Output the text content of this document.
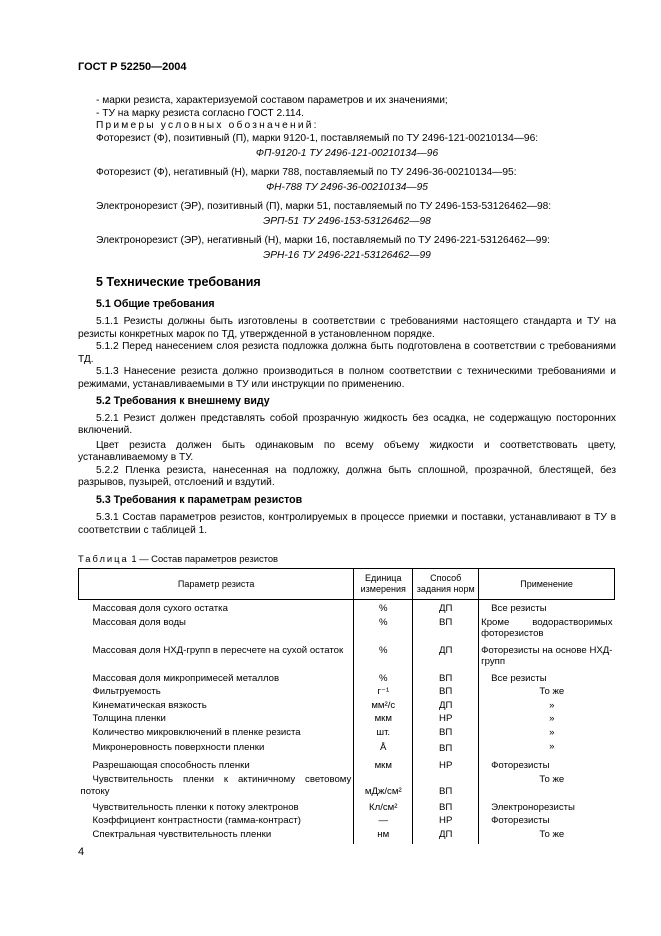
ГОСТ Р 52250—2004

- марки резиста, характеризуемой составом параметров и их значениями;

- ТУ на марку резиста согласно ГОСТ 2.114.

Примеры условных обозначений:

Фоторезист (Ф), позитивный (П), марки 9120-1, поставляемый по ТУ 2496-121-00210134—96:

ФП-9120-1 ТУ 2496-121-00210134—96

Фоторезист (Ф), негативный (Н), марки 788, поставляемый по ТУ 2496-36-00210134—95:

ФН-788 ТУ 2496-36-00210134—95

Электронорезист (ЭР), позитивный (П), марки 51, поставляемый по ТУ 2496-153-53126462—98:

ЭРП-51 ТУ 2496-153-53126462—98

Электронорезист (ЭР), негативный (Н), марки 16, поставляемый по ТУ 2496-221-53126462—99:

ЭРН-16 ТУ 2496-221-53126462—99

5 Технические требования

5.1 Общие требования

5.1.1 Резисты должны быть изготовлены в соответствии с требованиями настоящего стандарта и ТУ на резисты конкретных марок по ТД, утвержденной в установленном порядке.

5.1.2 Перед нанесением слоя резиста подложка должна быть подготовлена в соответствии с требованиями ТД.

5.1.3 Нанесение резиста должно производиться в полном соответствии с техническими требованиями и режимами, устанавливаемыми в ТУ или инструкции по применению.

5.2 Требования к внешнему виду

5.2.1 Резист должен представлять собой прозрачную жидкость без осадка, не содержащую посторонних включений.

Цвет резиста должен быть одинаковым по всему объему жидкости и соответствовать цвету, устанавливаемому в ТУ.

5.2.2 Пленка резиста, нанесенная на подложку, должна быть сплошной, прозрачной, блестящей, без разрывов, пузырей, отслоений и вздутий.

5.3 Требования к параметрам резистов

5.3.1 Состав параметров резистов, контролируемых в процессе приемки и поставки, устанавливают в ТУ в соответствии с таблицей 1.

Таблица 1 — Состав параметров резистов
Параметр резиста	Единица измерения	Способ задания норм	Применение
Массовая доля сухого остатка	%	ДП	Все резисты
Массовая доля воды	%	ВП	Кроме водорастворимых фоторезистов
Массовая доля НХД-групп в пересчете на сухой остаток	%	ДП	Фоторезисты на основе НХД-групп
Массовая доля микропримесей металлов	%	ВП	Все резисты
Фильтруемость	г⁻¹	ВП	То же
Кинематическая вязкость	мм²/с	ДП	»
Толщина пленки	мкм	НР	»
Количество микровключений в пленке резиста	шт.	ВП	»
Микронеровность поверхности пленки	Å	ВП	»
Разрешающая способность пленки	мкм	НР	Фоторезисты
Чувствительность пленки к актиничному световому потоку	мДж/см²	ВП	То же
Чувствительность пленки к потоку электронов	Кл/см²	ВП	Электронорезисты
Коэффициент контрастности (гамма-контраст)	—	НР	Фоторезисты
Спектральная чувствительность пленки	нм	ДП	То же
4
